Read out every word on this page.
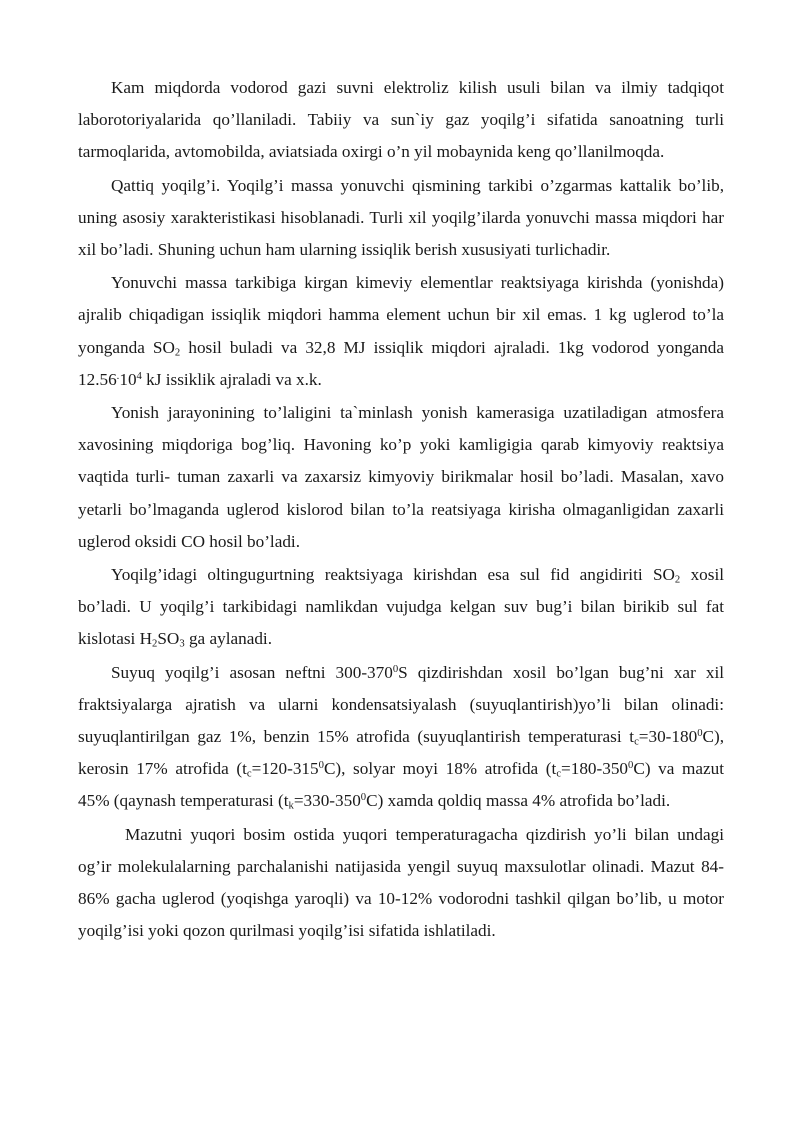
Kam miqdorda vodorod gazi suvni elektroliz kilish usuli bilan va ilmiy tadqiqot laborotoriyalarida qo’llaniladi. Tabiiy va sun`iy gaz yoqilg’i sifatida sanoatning turli tarmoqlarida, avtomobilda, aviatsiada oxirgi o’n yil mobaynida keng qo’llanilmoqda.

Qattiq yoqilg’i. Yoqilg’i massa yonuvchi qismining tarkibi o’zgarmas kattalik bo’lib, uning asosiy xarakteristikasi hisoblanadi. Turli xil yoqilg’ilarda yonuvchi massa miqdori har xil bo’ladi. Shuning uchun ham ularning issiqlik berish xususiyati turlichadir.

Yonuvchi massa tarkibiga kirgan kimeviy elementlar reaktsiyaga kirishda (yonishda) ajralib chiqadigan issiqlik miqdori hamma element uchun bir xil emas. 1 kg uglerod to’la yonganda $SO_2$ hosil buladi va 32,8 MJ issiqlik miqdori ajraladi. 1kg vodorod yonganda $12.56^.10^4$ kJ issiklik ajraladi va x.k.

Yonish jarayonining to’laligini ta`minlash yonish kamerasiga uzatiladigan atmosfera xavosining miqdoriga bog’liq. Havoning ko’p yoki kamligigia qarab kimyoviy reaktsiya vaqtida turli- tuman zaxarli va zaxarsiz kimyoviy birikmalar hosil bo’ladi. Masalan, xavo yetarli bo’lmaganda uglerod kislorod bilan to’la reatsiyaga kirisha olmaganligidan zaxarli uglerod oksidi CO hosil bo’ladi.

Yoqilg’idagi oltingugurtning reaktsiyaga kirishdan esa sul fid angidiriti $SO_2$ xosil bo’ladi. U yoqilg’i tarkibidagi namlikdan vujudga kelgan suv bug’i bilan birikib sul fat kislotasi $H_2SO_3$ ga aylanadi.

Suyuq yoqilg’i asosan neftni $300-370^0S$ qizdirishdan xosil bo’lgan bug’ni xar xil fraktsiyalarga ajratish va ularni kondensatsiyalash (suyuqlantirish)yo’li bilan olinadi: suyuqlantirilgan gaz 1%, benzin 15% atrofida (suyuqlantirish temperaturasi $t_c=30-180^0C$), kerosin 17% atrofida $(t_c=120-315^0C)$, solyar moyi 18% atrofida $(t_c=180-350^0C)$ va mazut 45% (qaynash temperaturasi $(t_k=330-350^0C)$ xamda qoldiq massa 4% atrofida bo’ladi.

Mazutni yuqori bosim ostida yuqori temperaturagacha qizdirish yo’li bilan undagi og’ir molekulalarning parchalanishi natijasida yengil suyuq maxsulotlar olinadi. Mazut 84-86% gacha uglerod (yoqishga yaroqli) va 10-12% vodorodni tashkil qilgan bo’lib, u motor yoqilg’isi yoki qozon qurilmasi yoqilg’isi sifatida ishlatiladi.
